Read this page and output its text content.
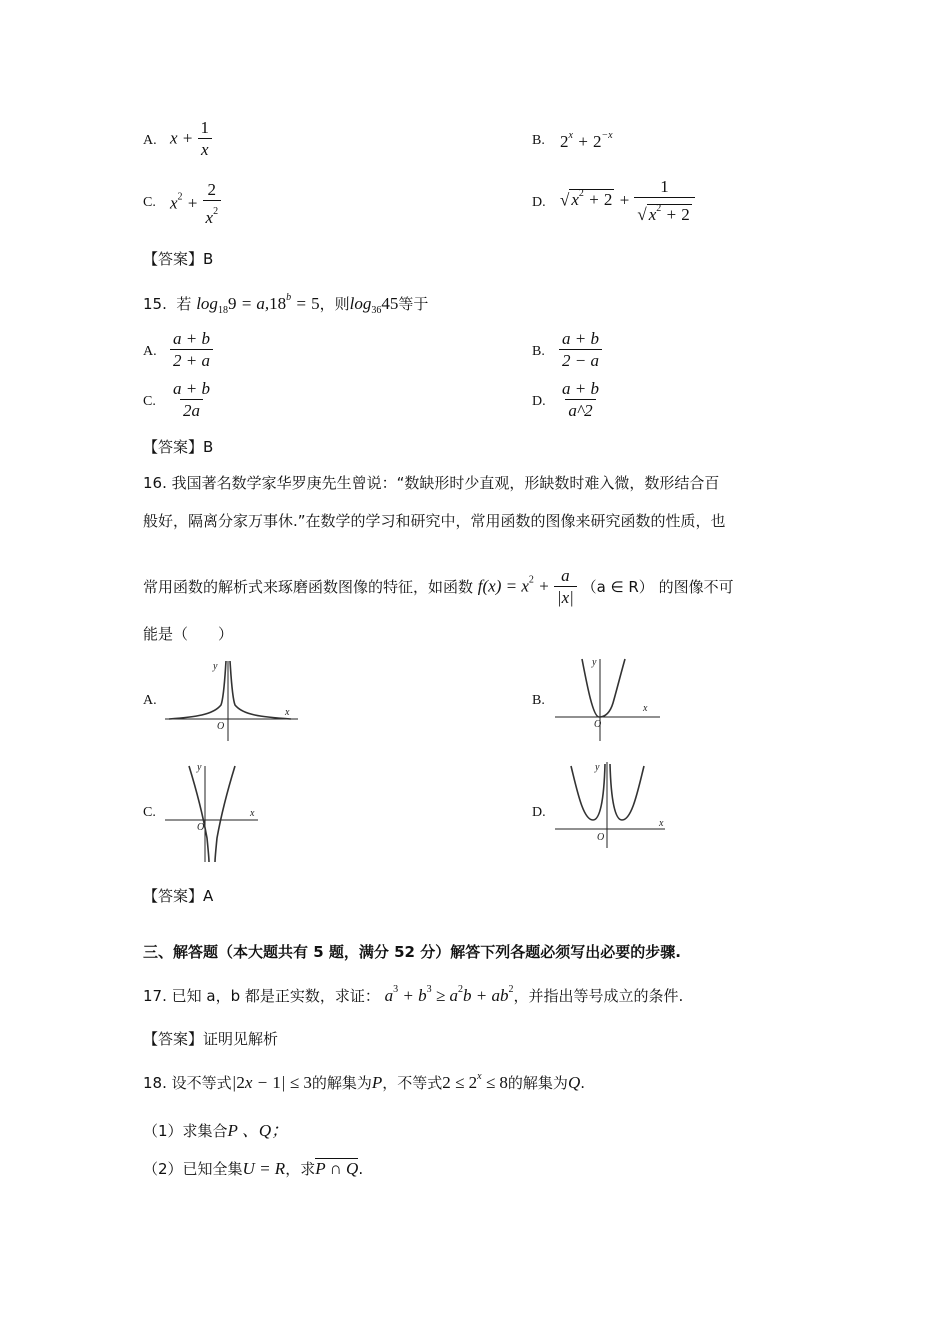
A. $x + \frac{1}{x}$	B. $2^x + 2^{-x}$
C. $x^2 + \frac{2}{x^2}$	D. √ $x^2 + 2 + \frac{1}{√ x^2 + 2}$
【答案】B
15. 若 $\log_{18}9 = a,18^b = 5$，则$\log_{36}45$等于
A. $\frac{a + b}{2 + a}$	B. $\frac{a + b}{2 - a}$
C. $\frac{a + b}{2a}$	D. $\frac{a + b}{a\^{}2}$
【答案】B
16. 我国著名数学家华罗庚先生曾说：“数缺形时少直观，形缺数时难入微，数形结合百
般好，隔离分家万事休.”在数学的学习和研究中，常用函数的图像来研究函数的性质，也
常用函数的解析式来琢磨函数图像的特征，如函数 $f(x) = x^2 + \frac{a}{|x|} (a$ ∈ R） 的图像不可
能是（　　）
A.
x
y
O
B.
x
y
O
C.	x
y
O
D.
x
y
O
【答案】A
三、解答题（本大题共有 5 题，满分 52 分）解答下列各题必须写出必要的步骤.
17. 已知 a，b 都是正实数，求证： $a^3 + b^3 \ge a^2b + ab^2$，并指出等号成立的条件.
【答案】证明见解析
18. 设不等式|2x − 1| ≤ 3的解集为P，不等式$2 \le 2^x \le 8$的解集为Q.
（1）求集合P 、Q；
（2）已知全集U = R，求P ∩ Q.
